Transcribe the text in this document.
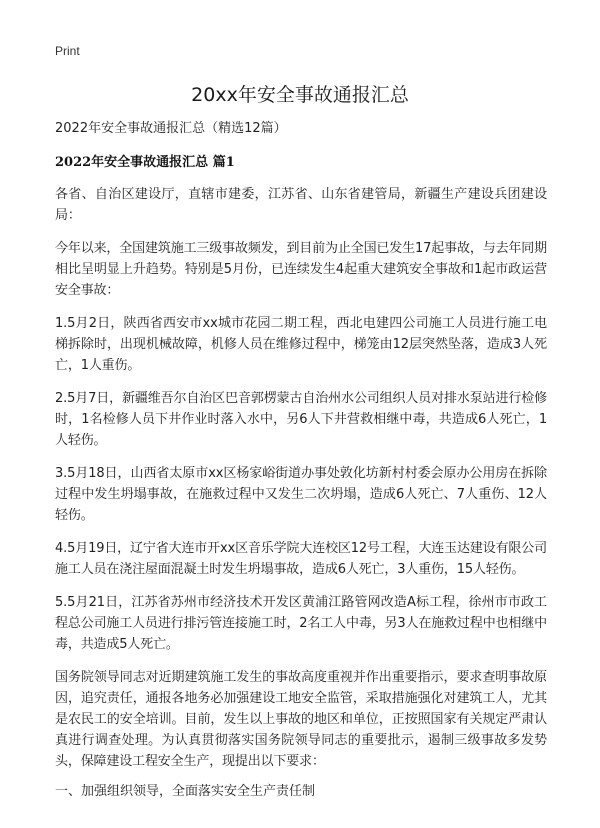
Print
20xx年安全事故通报汇总

2022年安全事故通报汇总（精选12篇）

2022年安全事故通报汇总 篇1

各省、自治区建设厅，直辖市建委，江苏省、山东省建管局，新疆生产建设兵团建设局：

今年以来，全国建筑施工三级事故频发，到目前为止全国已发生17起事故，与去年同期相比呈明显上升趋势。特别是5月份，已连续发生4起重大建筑安全事故和1起市政运营安全事故：

1.5月2日，陕西省西安市xx城市花园二期工程，西北电建四公司施工人员进行施工电梯拆除时，出现机械故障，机修人员在维修过程中，梯笼由12层突然坠落，造成3人死亡，1人重伤。

2.5月7日，新疆维吾尔自治区巴音郭楞蒙古自治州水公司组织人员对排水泵站进行检修时，1名检修人员下井作业时落入水中，另6人下井营救相继中毒，共造成6人死亡，1人轻伤。

3.5月18日，山西省太原市xx区杨家峪街道办事处敦化坊新村村委会原办公用房在拆除过程中发生坍塌事故，在施救过程中又发生二次坍塌，造成6人死亡、7人重伤、12人轻伤。

4.5月19日，辽宁省大连市开xx区音乐学院大连校区12号工程，大连玉达建设有限公司施工人员在浇注屋面混凝土时发生坍塌事故，造成6人死亡，3人重伤，15人轻伤。

5.5月21日，江苏省苏州市经济技术开发区黄浦江路管网改造A标工程，徐州市市政工程总公司施工人员进行排污管连接施工时，2名工人中毒，另3人在施救过程中也相继中毒，共造成5人死亡。

国务院领导同志对近期建筑施工发生的事故高度重视并作出重要指示，要求查明事故原因，追究责任，通报各地务必加强建设工地安全监管，采取措施强化对建筑工人，尤其是农民工的安全培训。目前，发生以上事故的地区和单位，正按照国家有关规定严肃认真进行调查处理。为认真贯彻落实国务院领导同志的重要批示，遏制三级事故多发势头，保障建设工程安全生产，现提出以下要求：

一、加强组织领导，全面落实安全生产责任制
